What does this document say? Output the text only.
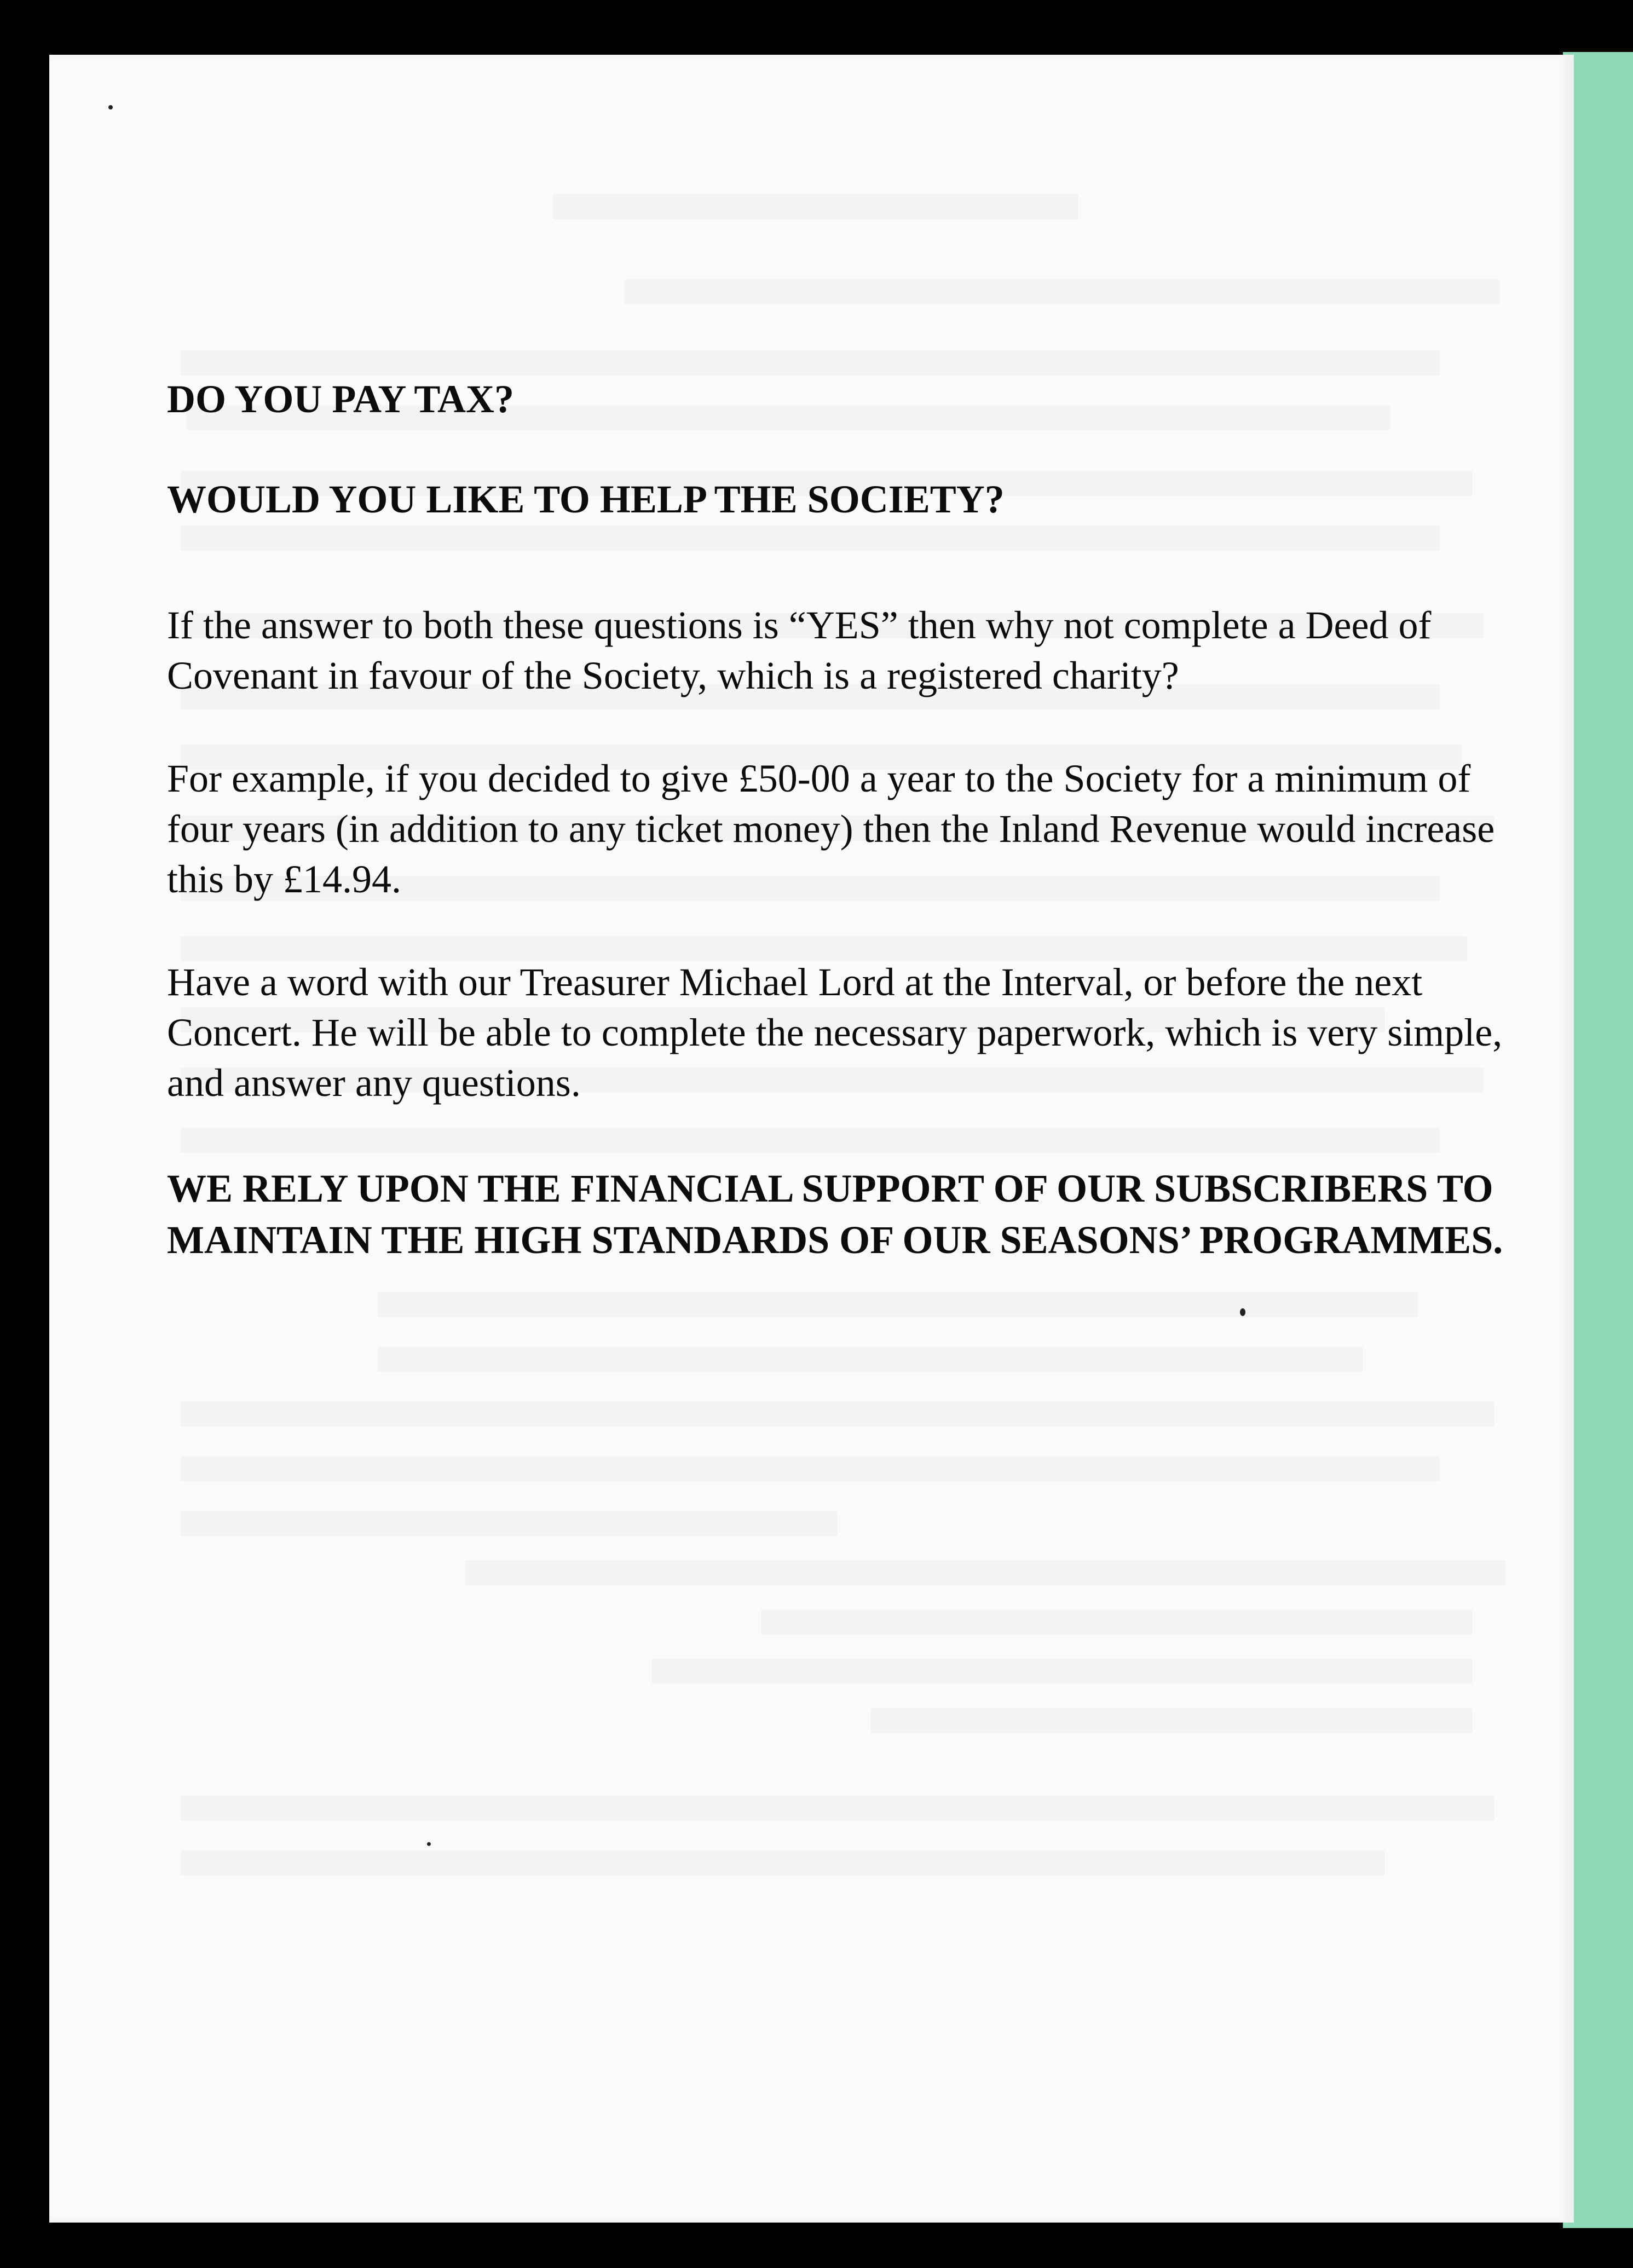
DO YOU PAY TAX?

WOULD YOU LIKE TO HELP THE SOCIETY?

If the answer to both these questions is “YES” then why not complete a Deed of Covenant in favour of the Society, which is a registered charity?

For example, if you decided to give £50-00 a year to the Society for a minimum of four years (in addition to any ticket money) then the Inland Revenue would increase this by £14.94.

Have a word with our Treasurer Michael Lord at the Interval, or before the next Concert. He will be able to complete the necessary paperwork, which is very simple, and answer any questions.

WE RELY UPON THE FINANCIAL SUPPORT OF OUR SUBSCRIBERS TO MAINTAIN THE HIGH STANDARDS OF OUR SEASONS’ PROGRAMMES.
